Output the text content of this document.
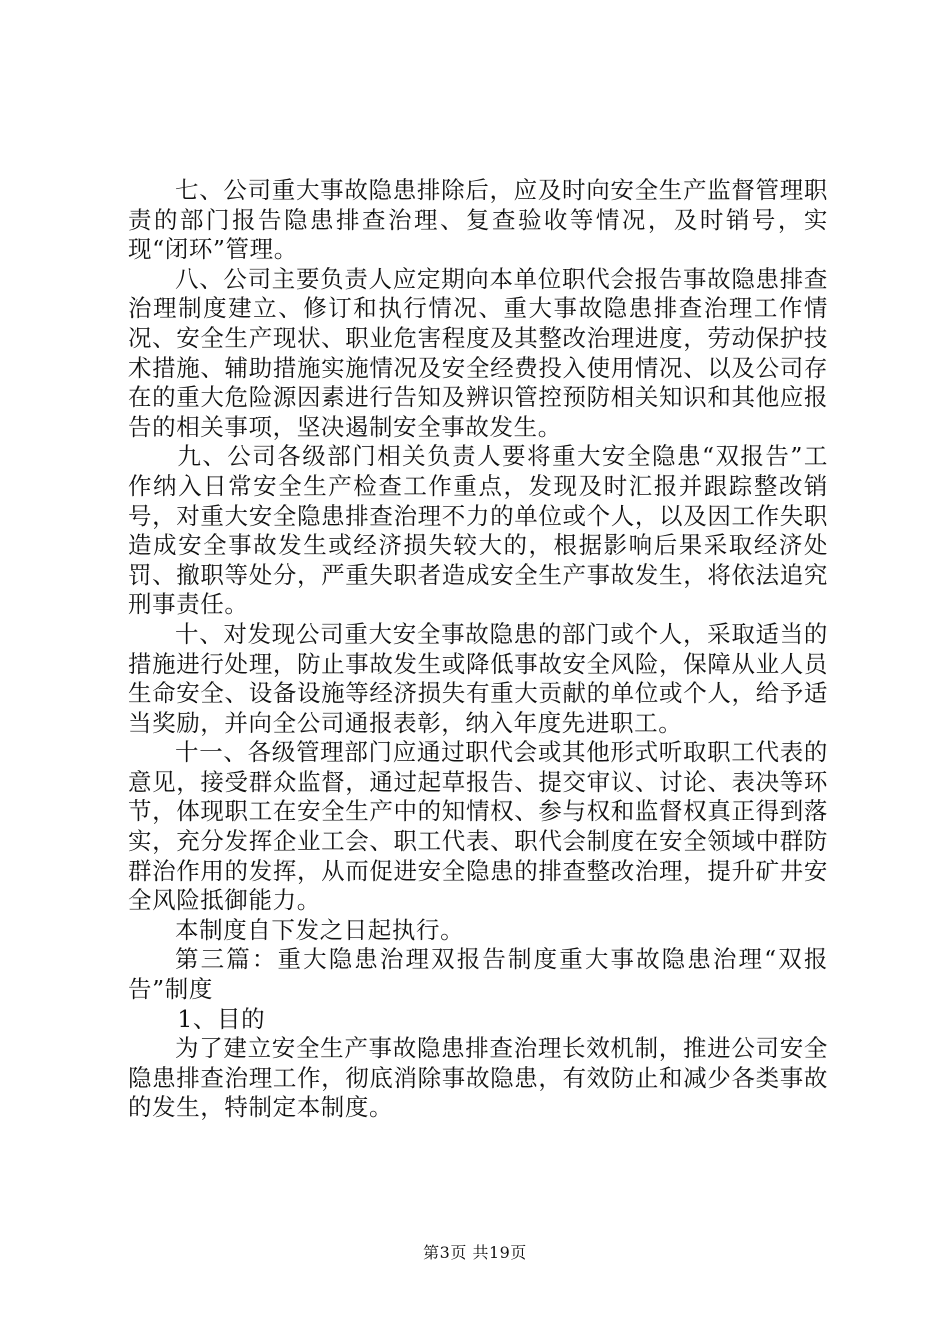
七、公司重大事故隐患排除后，应及时向安全生产监督管理职责的部门报告隐患排查治理、复查验收等情况，及时销号，实现“闭环”管理。

八、公司主要负责人应定期向本单位职代会报告事故隐患排查治理制度建立、修订和执行情况、重大事故隐患排查治理工作情况、安全生产现状、职业危害程度及其整改治理进度，劳动保护技术措施、辅助措施实施情况及安全经费投入使用情况、以及公司存在的重大危险源因素进行告知及辨识管控预防相关知识和其他应报告的相关事项，坚决遏制安全事故发生。

九、公司各级部门相关负责人要将重大安全隐患“双报告”工作纳入日常安全生产检查工作重点，发现及时汇报并跟踪整改销号，对重大安全隐患排查治理不力的单位或个人，以及因工作失职造成安全事故发生或经济损失较大的，根据影响后果采取经济处罚、撤职等处分，严重失职者造成安全生产事故发生，将依法追究刑事责任。

十、对发现公司重大安全事故隐患的部门或个人，采取适当的措施进行处理，防止事故发生或降低事故安全风险，保障从业人员生命安全、设备设施等经济损失有重大贡献的单位或个人，给予适当奖励，并向全公司通报表彰，纳入年度先进职工。

十一、各级管理部门应通过职代会或其他形式听取职工代表的意见，接受群众监督，通过起草报告、提交审议、讨论、表决等环节，体现职工在安全生产中的知情权、参与权和监督权真正得到落实，充分发挥企业工会、职工代表、职代会制度在安全领域中群防群治作用的发挥，从而促进安全隐患的排查整改治理，提升矿井安全风险抵御能力。

本制度自下发之日起执行。

第三篇：重大隐患治理双报告制度重大事故隐患治理“双报告”制度

1、目的

为了建立安全生产事故隐患排查治理长效机制，推进公司安全隐患排查治理工作，彻底消除事故隐患，有效防止和减少各类事故的发生，特制定本制度。

第3页 共19页
